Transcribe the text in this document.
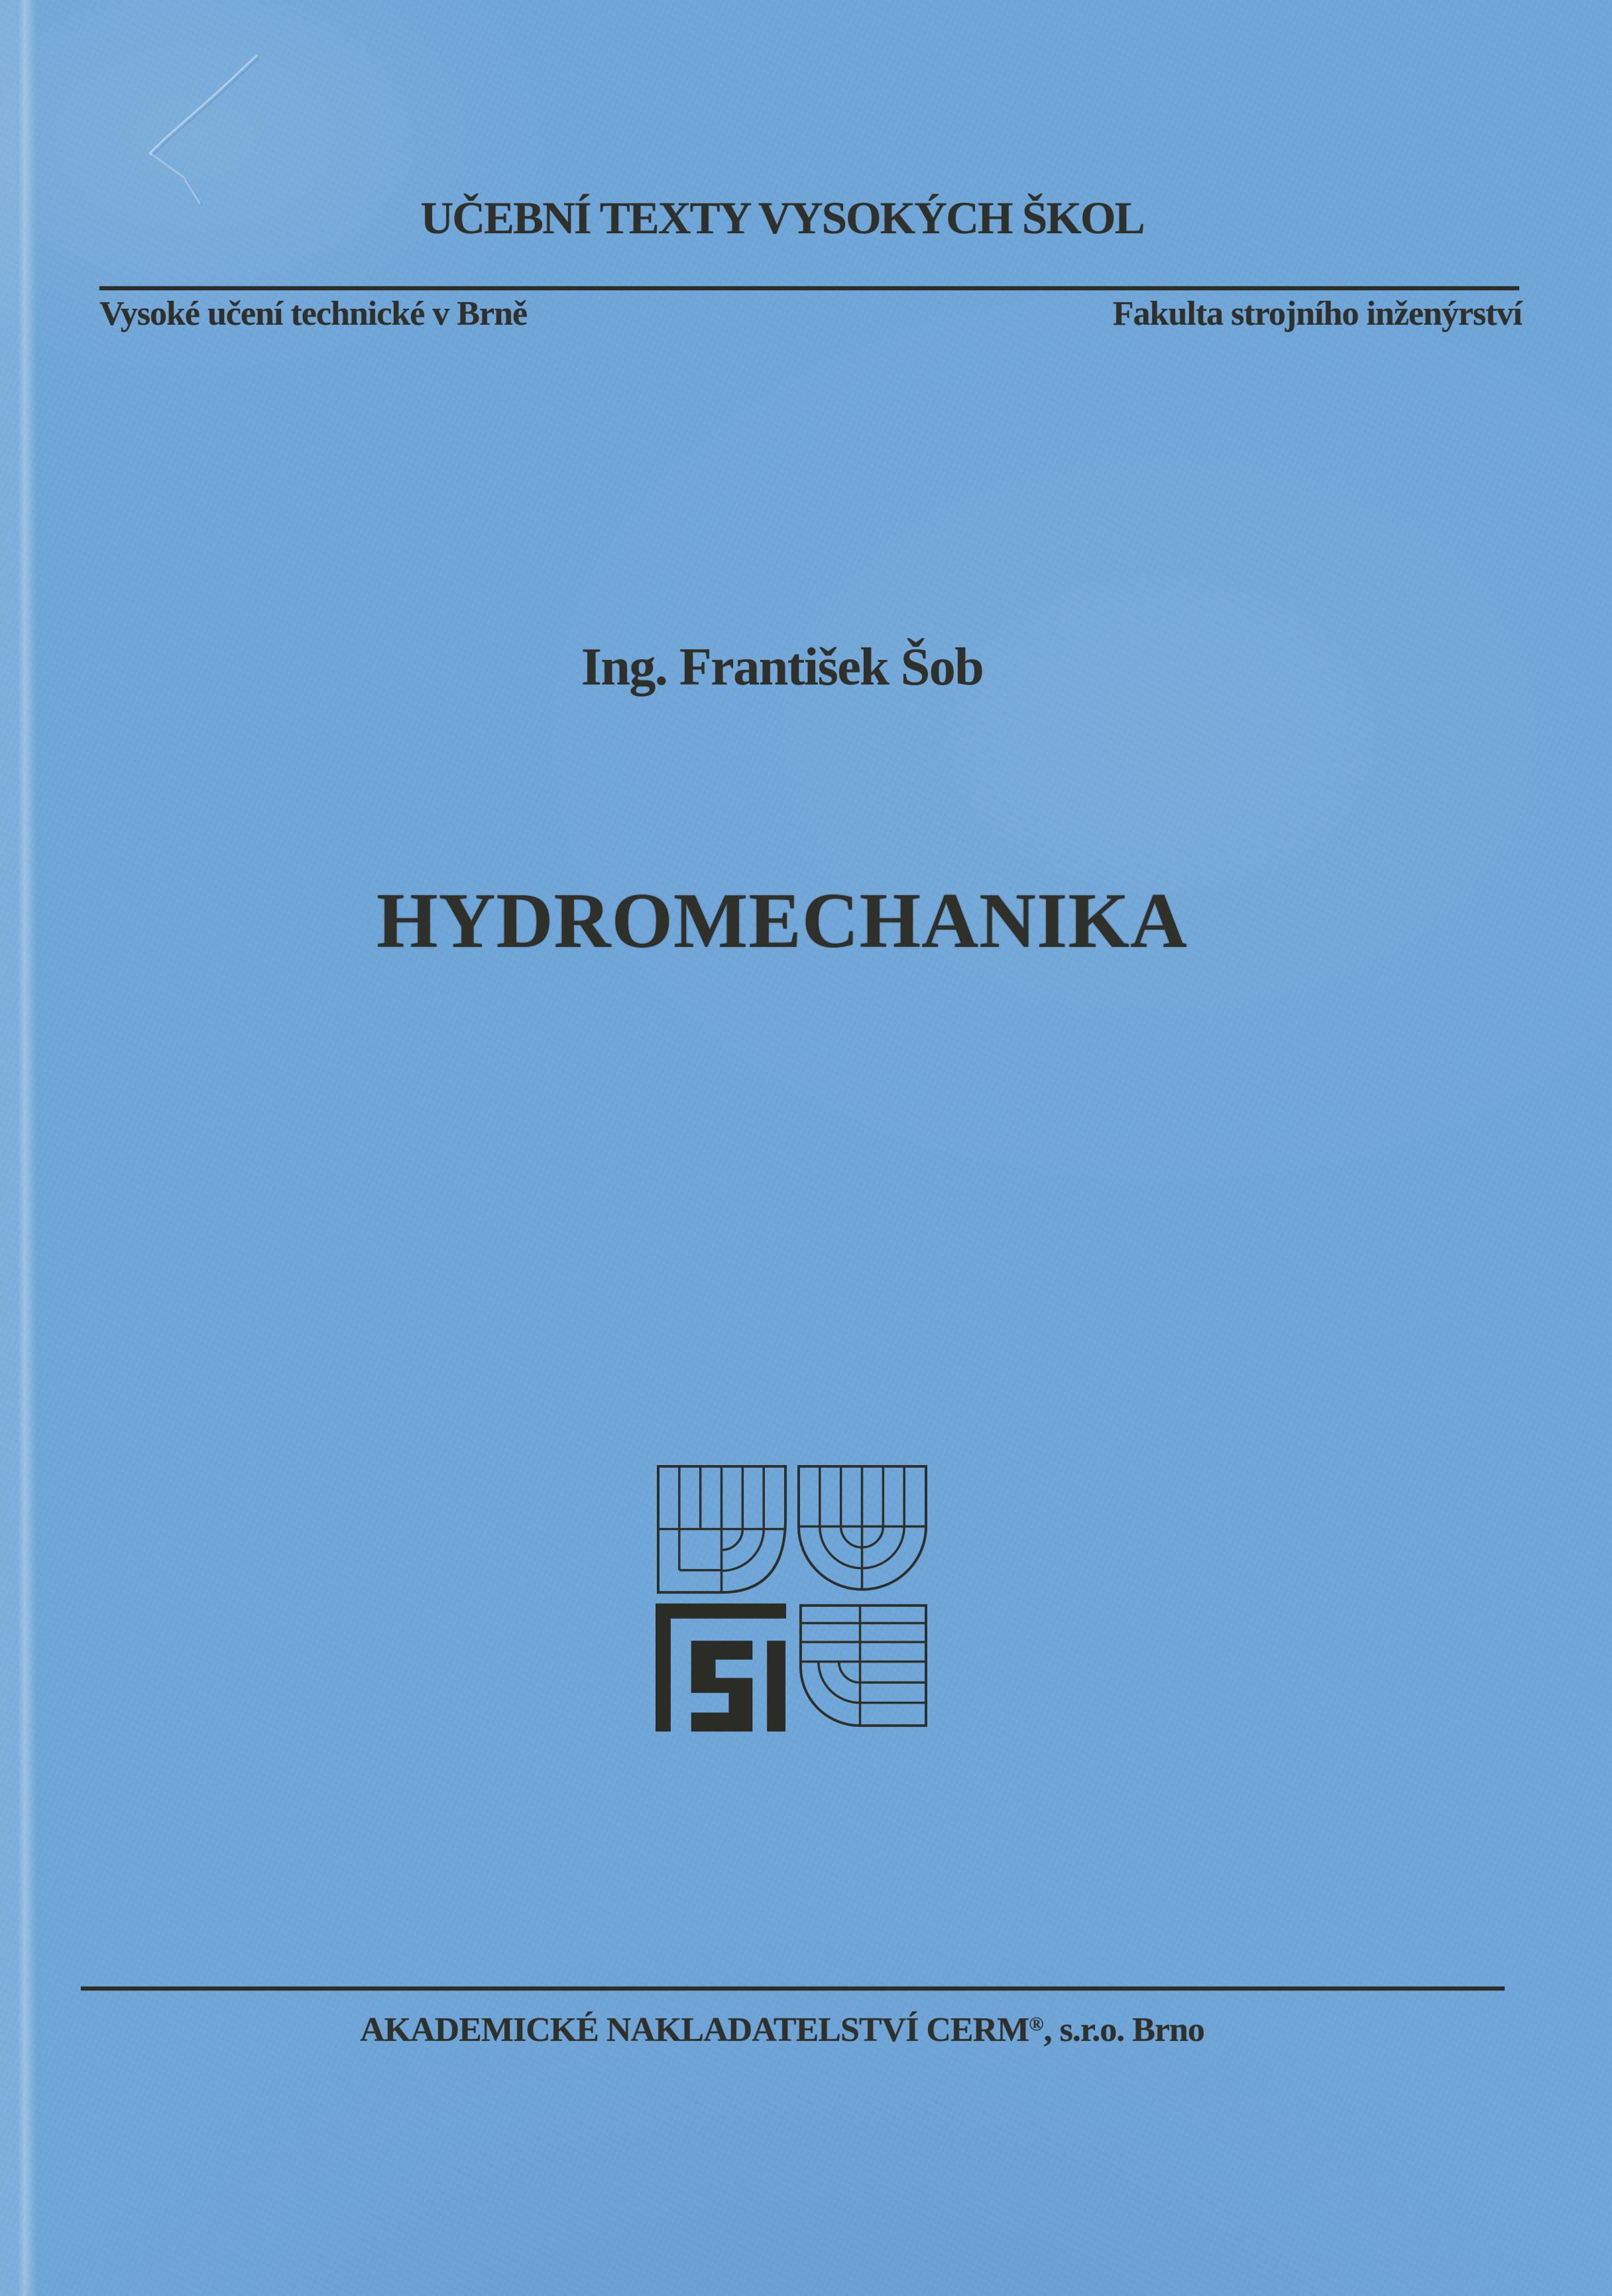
UČEBNÍ TEXTY VYSOKÝCH ŠKOL
Vysoké učení technické v Brně	Fakulta strojního inženýrství
Ing. František Šob
HYDROMECHANIKA
AKADEMICKÉ NAKLADATELSTVÍ CERM®, s.r.o. Brno
